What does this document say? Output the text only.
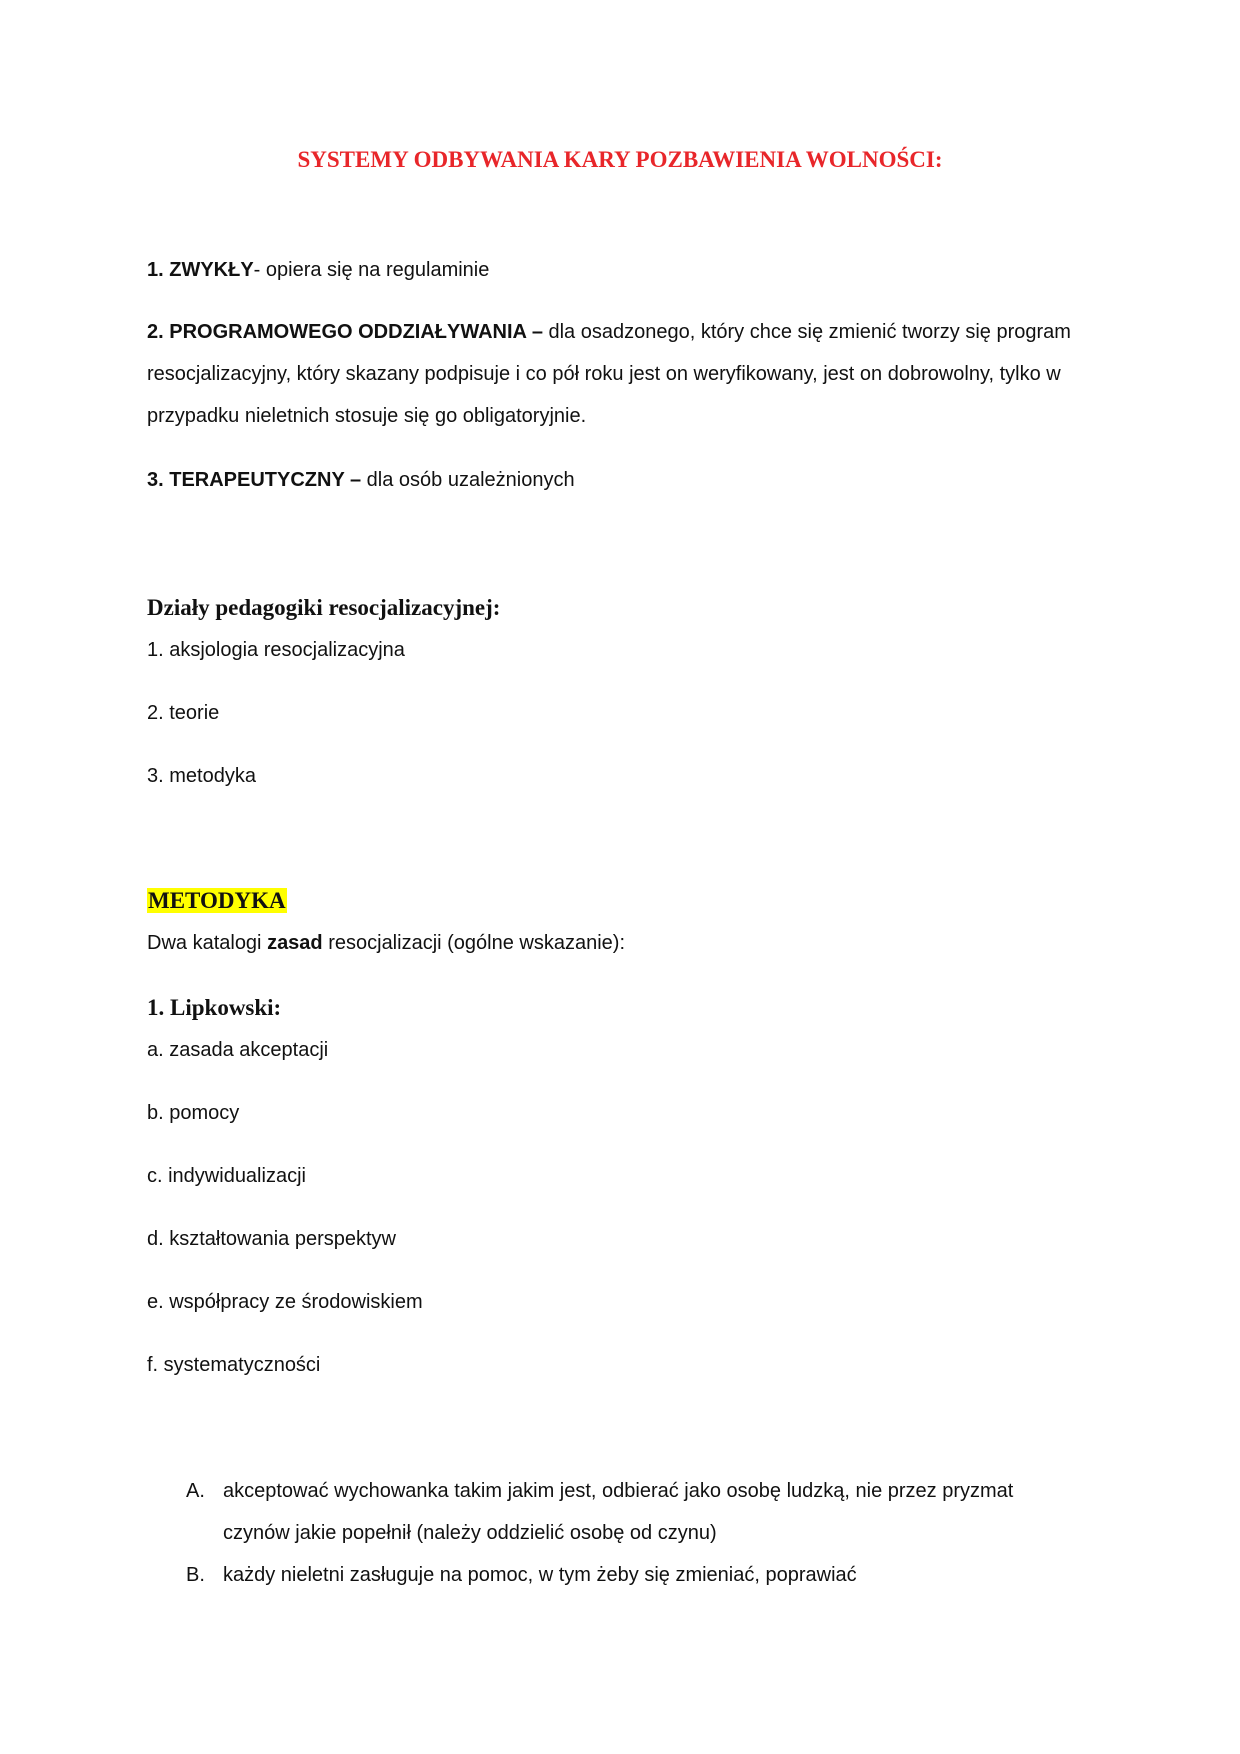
SYSTEMY ODBYWANIA KARY POZBAWIENIA WOLNOŚCI:

1. ZWYKŁY- opiera się na regulaminie

2. PROGRAMOWEGO ODDZIAŁYWANIA – dla osadzonego, który chce się zmienić tworzy się program resocjalizacyjny, który skazany podpisuje i co pół roku jest on weryfikowany, jest on dobrowolny, tylko w przypadku nieletnich stosuje się go obligatoryjnie.

3. TERAPEUTYCZNY – dla osób uzależnionych

Działy pedagogiki resocjalizacyjnej:

1. aksjologia resocjalizacyjna

2. teorie

3. metodyka

METODYKA

Dwa katalogi zasad resocjalizacji (ogólne wskazanie):

1. Lipkowski:

a. zasada akceptacji

b. pomocy

c. indywidualizacji

d. kształtowania perspektyw

e. współpracy ze środowiskiem

f. systematyczności

A. akceptować wychowanka takim jakim jest, odbierać jako osobę ludzką, nie przez pryzmat czynów jakie popełnił (należy oddzielić osobę od czynu)
B. każdy nieletni zasługuje na pomoc, w tym żeby się zmieniać, poprawiać
